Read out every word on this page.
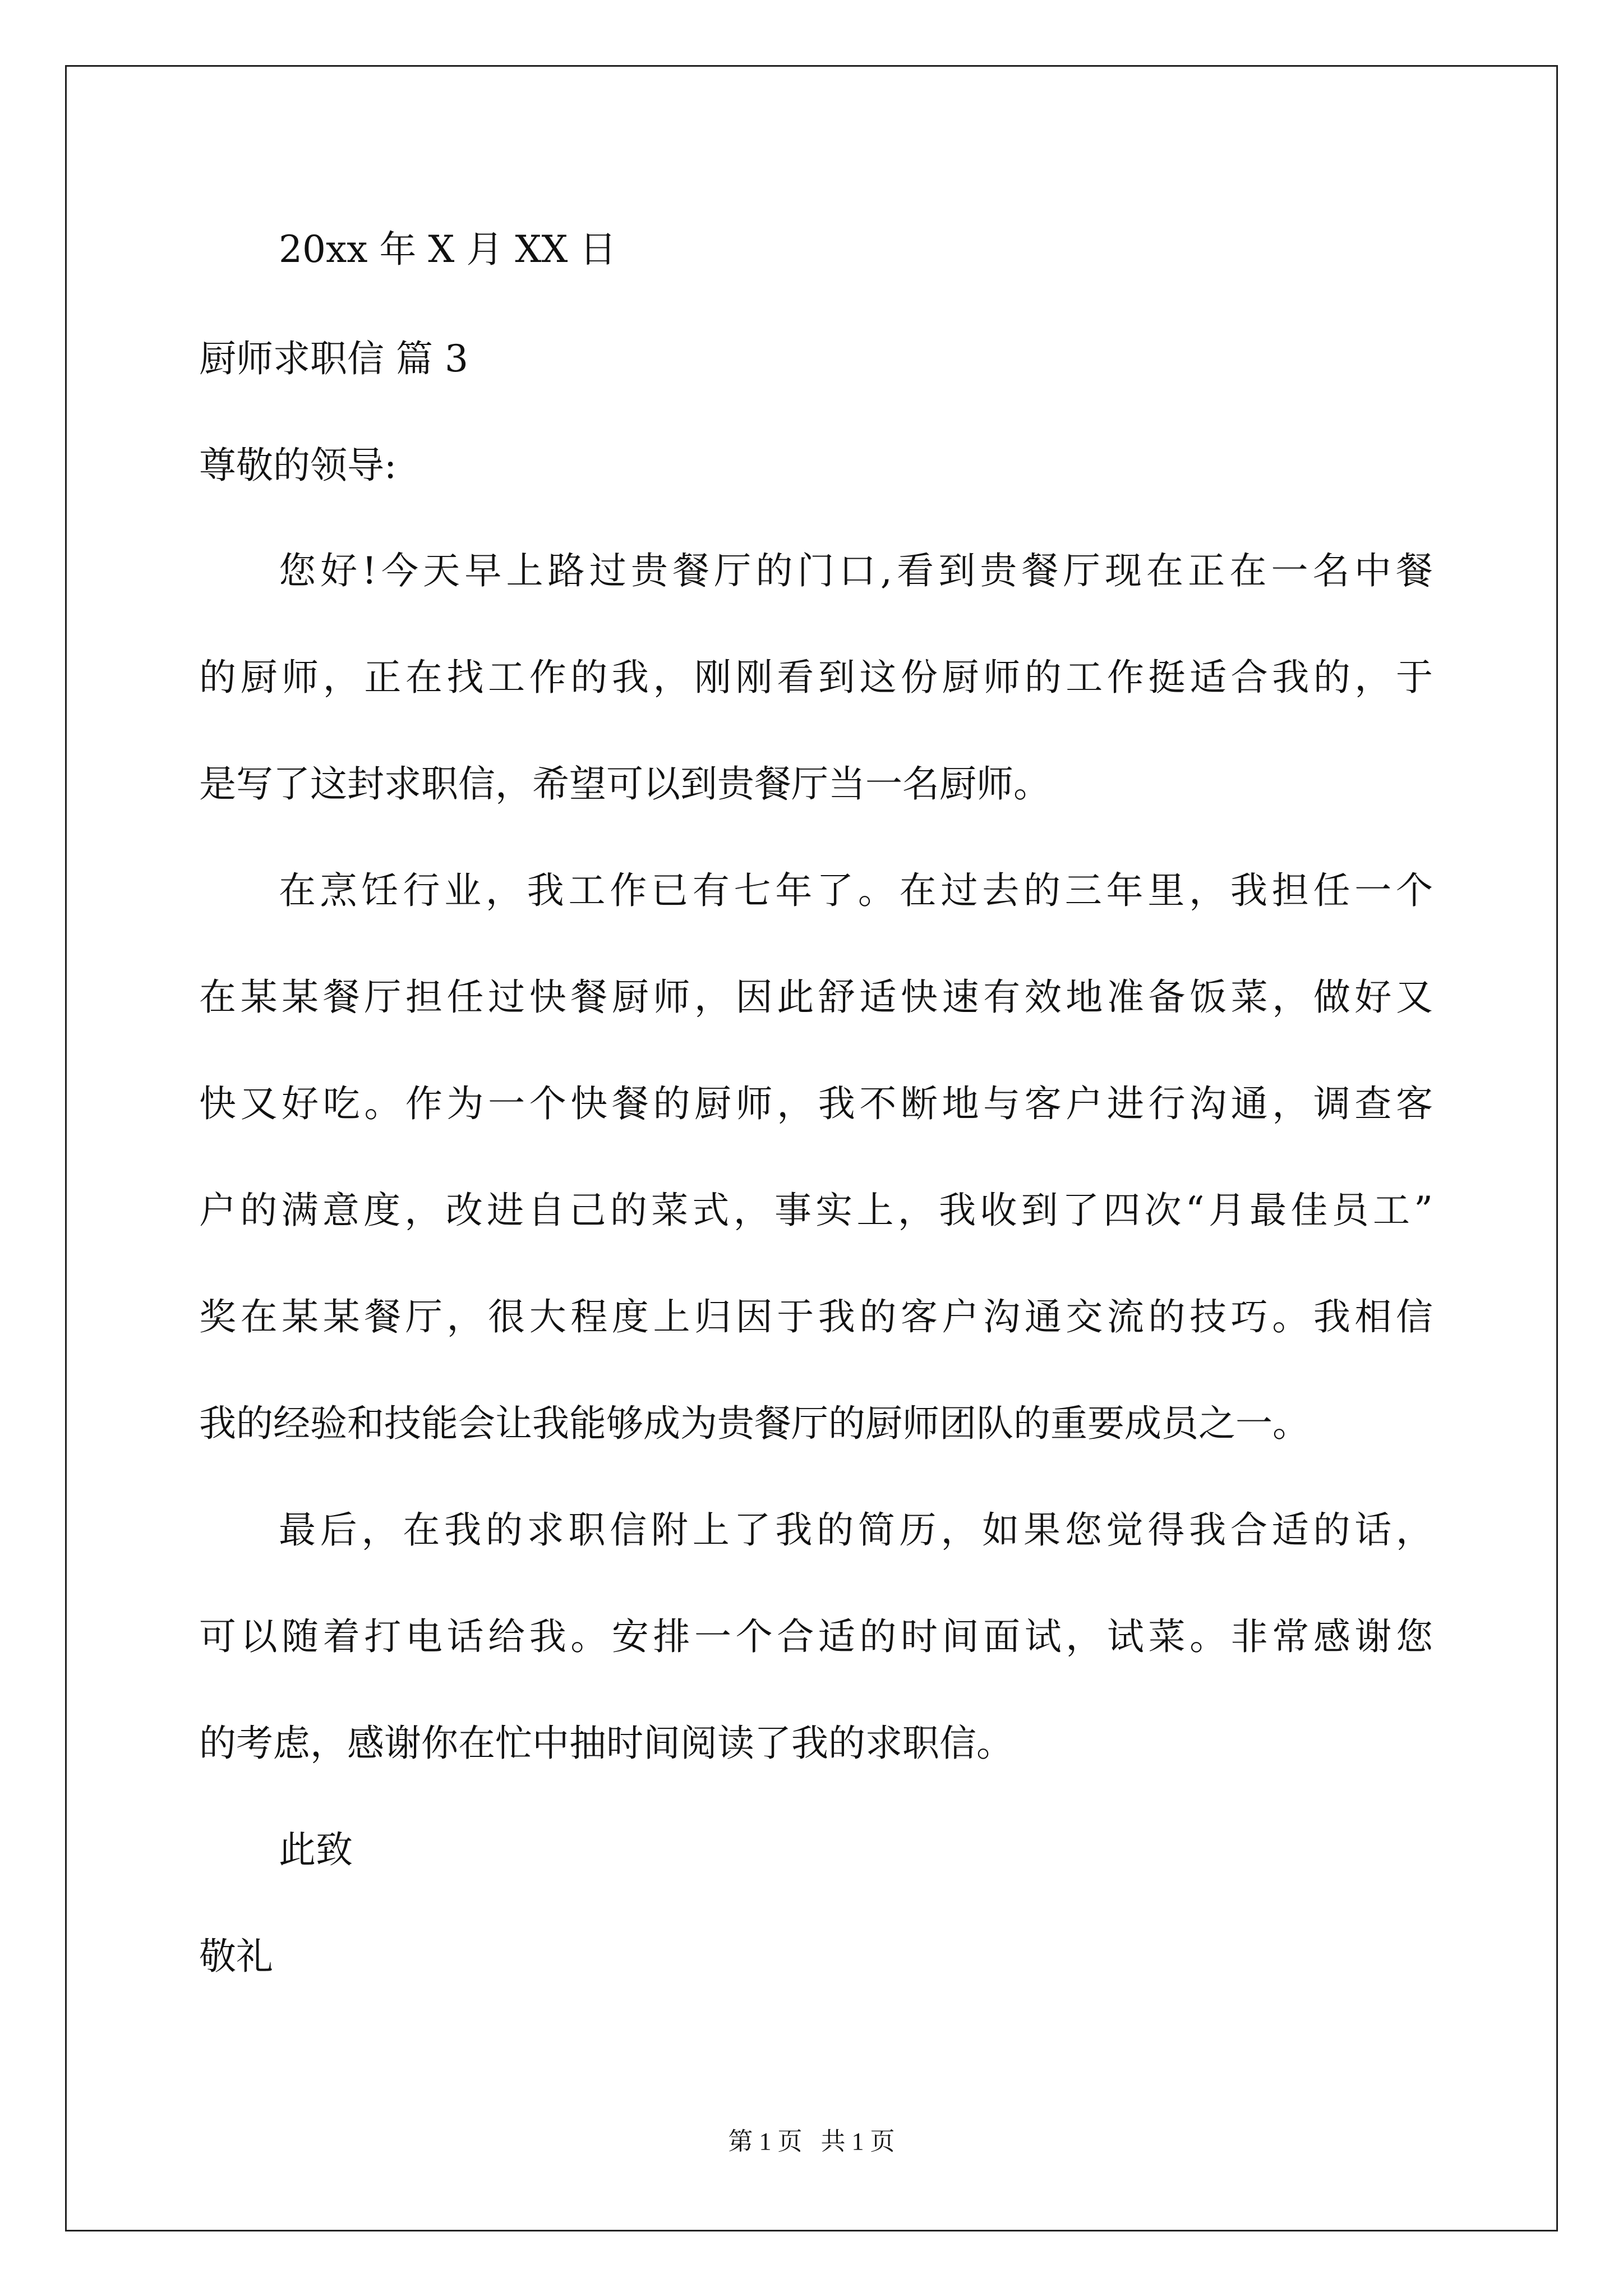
20xx 年 X 月 XX 日
厨师求职信 篇 3
尊敬的领导:
您好!今天早上路过贵餐厅的门口,看到贵餐厅现在正在一名中餐
的厨师，正在找工作的我，刚刚看到这份厨师的工作挺适合我的，于
是写了这封求职信，希望可以到贵餐厅当一名厨师。
在烹饪行业，我工作已有七年了。在过去的三年里，我担任一个
在某某餐厅担任过快餐厨师，因此舒适快速有效地准备饭菜，做好又
快又好吃。作为一个快餐的厨师，我不断地与客户进行沟通，调查客
户的满意度，改进自己的菜式，事实上，我收到了四次“月最佳员工”
奖在某某餐厅，很大程度上归因于我的客户沟通交流的技巧。我相信
我的经验和技能会让我能够成为贵餐厅的厨师团队的重要成员之一。
最后，在我的求职信附上了我的简历，如果您觉得我合适的话，
可以随着打电话给我。安排一个合适的时间面试，试菜。非常感谢您
的考虑，感谢你在忙中抽时间阅读了我的求职信。
此致
敬礼
第 1 页   共 1 页
